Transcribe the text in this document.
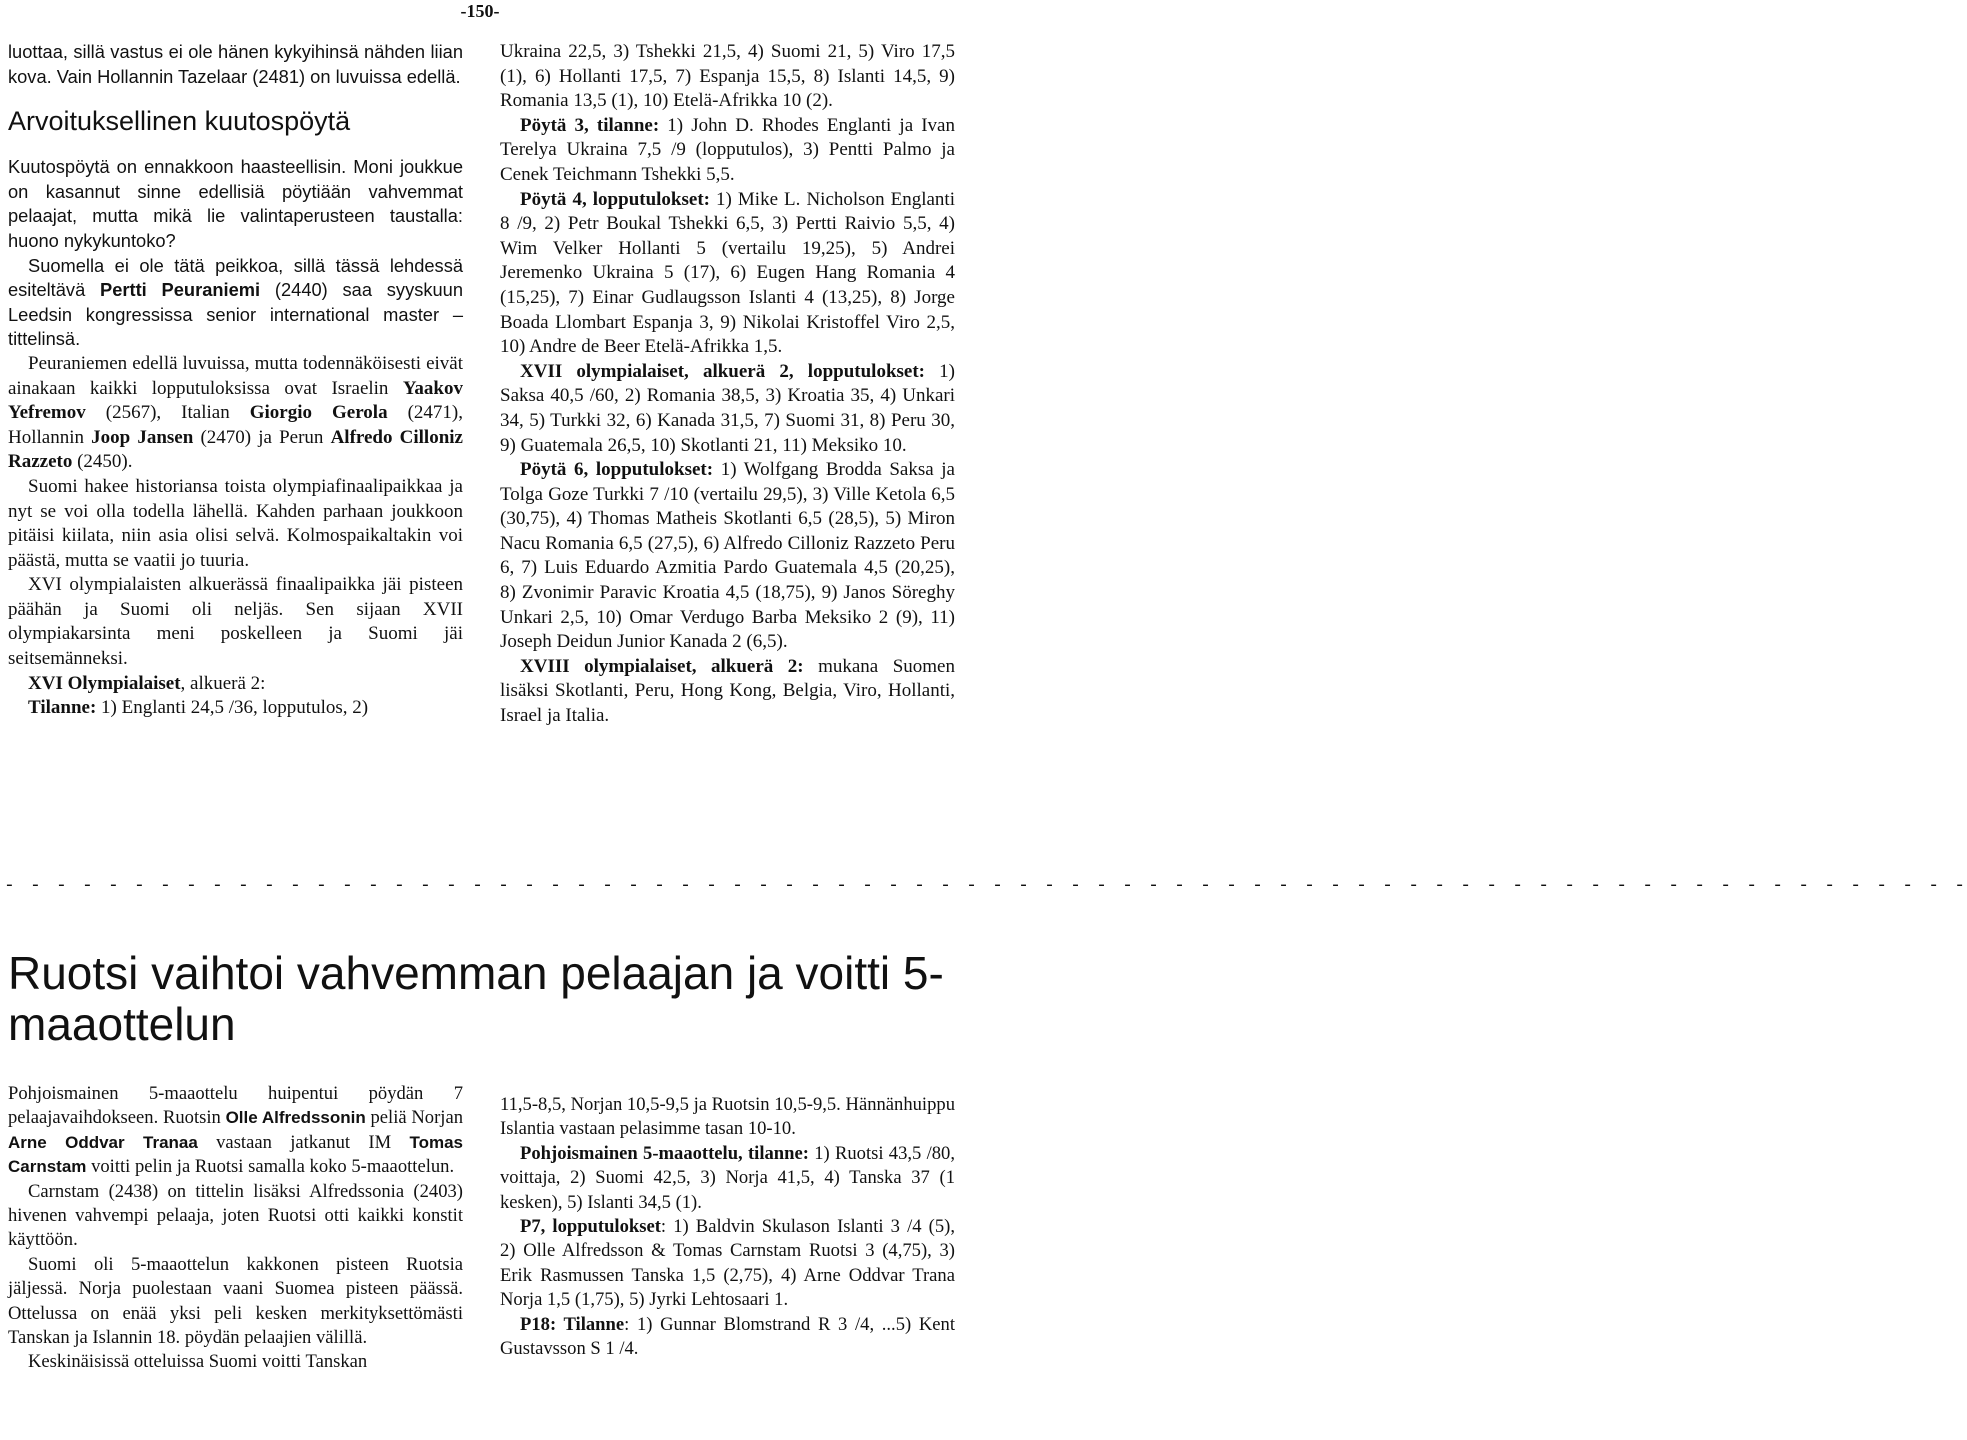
-150-

luottaa, sillä vastus ei ole hänen kykyihinsä nähden liian kova. Vain Hollannin Tazelaar (2481) on luvuissa edellä.

Arvoituksellinen kuutospöytä

Kuutospöytä on ennakkoon haasteellisin. Moni joukkue on kasannut sinne edellisiä pöytiään vahvemmat pelaajat, mutta mikä lie valintaperusteen taustalla: huono nykykuntoko?

Suomella ei ole tätä peikkoa, sillä tässä lehdessä esiteltävä Pertti Peuraniemi (2440) saa syyskuun Leedsin kongressissa senior international master –tittelinsä.

Peuraniemen edellä luvuissa, mutta todennäköisesti eivät ainakaan kaikki lopputuloksissa ovat Israelin Yaakov Yefremov (2567), Italian Giorgio Gerola (2471), Hollannin Joop Jansen (2470) ja Perun Alfredo Cilloniz Razzeto (2450).

Suomi hakee historiansa toista olympiafinaalipaikkaa ja nyt se voi olla todella lähellä. Kahden parhaan joukkoon pitäisi kiilata, niin asia olisi selvä. Kolmospaikaltakin voi päästä, mutta se vaatii jo tuuria.

XVI olympialaisten alkuerässä finaalipaikka jäi pisteen päähän ja Suomi oli neljäs. Sen sijaan XVII olympiakarsinta meni poskelleen ja Suomi jäi seitsemänneksi.

XVI Olympialaiset, alkuerä 2:

Tilanne: 1) Englanti 24,5 /36, lopputulos, 2)

Ukraina 22,5, 3) Tshekki 21,5, 4) Suomi 21, 5) Viro 17,5 (1), 6) Hollanti 17,5, 7) Espanja 15,5, 8) Islanti 14,5, 9) Romania 13,5 (1), 10) Etelä-Afrikka 10 (2).

Pöytä 3, tilanne: 1) John D. Rhodes Englanti ja Ivan Terelya Ukraina 7,5 /9 (lopputulos), 3) Pentti Palmo ja Cenek Teichmann Tshekki 5,5.

Pöytä 4, lopputulokset: 1) Mike L. Nicholson Englanti 8 /9, 2) Petr Boukal Tshekki 6,5, 3) Pertti Raivio 5,5, 4) Wim Velker Hollanti 5 (vertailu 19,25), 5) Andrei Jeremenko Ukraina 5 (17), 6) Eugen Hang Romania 4 (15,25), 7) Einar Gudlaugsson Islanti 4 (13,25), 8) Jorge Boada Llombart Espanja 3, 9) Nikolai Kristoffel Viro 2,5, 10) Andre de Beer Etelä-Afrikka 1,5.

XVII olympialaiset, alkuerä 2, lopputulokset: 1) Saksa 40,5 /60, 2) Romania 38,5, 3) Kroatia 35, 4) Unkari 34, 5) Turkki 32, 6) Kanada 31,5, 7) Suomi 31, 8) Peru 30, 9) Guatemala 26,5, 10) Skotlanti 21, 11) Meksiko 10.

Pöytä 6, lopputulokset: 1) Wolfgang Brodda Saksa ja Tolga Goze Turkki 7 /10 (vertailu 29,5), 3) Ville Ketola 6,5 (30,75), 4) Thomas Matheis Skotlanti 6,5 (28,5), 5) Miron Nacu Romania 6,5 (27,5), 6) Alfredo Cilloniz Razzeto Peru 6, 7) Luis Eduardo Azmitia Pardo Guatemala 4,5 (20,25), 8) Zvonimir Paravic Kroatia 4,5 (18,75), 9) Janos Söreghy Unkari 2,5, 10) Omar Verdugo Barba Meksiko 2 (9), 11) Joseph Deidun Junior Kanada 2 (6,5).

XVIII olympialaiset, alkuerä 2: mukana Suomen lisäksi Skotlanti, Peru, Hong Kong, Belgia, Viro, Hollanti, Israel ja Italia.

- - - - - - - - - - - - - - - - - - - - - - - - - - - - - - - - - - - - - - - - - - - - - - - - - - - - - - - - - - - - - - - - - - - - - - - - - - - -
Ruotsi vaihtoi vahvemman pelaajan ja voitti 5-maaottelun

Pohjoismainen 5-maaottelu huipentui pöydän 7 pelaajavaihdokseen. Ruotsin Olle Alfredssonin peliä Norjan Arne Oddvar Tranaa vastaan jatkanut IM Tomas Carnstam voitti pelin ja Ruotsi samalla koko 5-maaottelun.

Carnstam (2438) on tittelin lisäksi Alfredssonia (2403) hivenen vahvempi pelaaja, joten Ruotsi otti kaikki konstit käyttöön.

Suomi oli 5-maaottelun kakkonen pisteen Ruotsia jäljessä. Norja puolestaan vaani Suomea pisteen päässä. Ottelussa on enää yksi peli kesken merkityksettömästi Tanskan ja Islannin 18. pöydän pelaajien välillä.

Keskinäisissä otteluissa Suomi voitti Tanskan

11,5-8,5, Norjan 10,5-9,5 ja Ruotsin 10,5-9,5. Hännänhuippu Islantia vastaan pelasimme tasan 10-10.

Pohjoismainen 5-maaottelu, tilanne: 1) Ruotsi 43,5 /80, voittaja, 2) Suomi 42,5, 3) Norja 41,5, 4) Tanska 37 (1 kesken), 5) Islanti 34,5 (1).

P7, lopputulokset: 1) Baldvin Skulason Islanti 3 /4 (5), 2) Olle Alfredsson & Tomas Carnstam Ruotsi 3 (4,75), 3) Erik Rasmussen Tanska 1,5 (2,75), 4) Arne Oddvar Trana Norja 1,5 (1,75), 5) Jyrki Lehtosaari 1.

P18: Tilanne: 1) Gunnar Blomstrand R 3 /4, ...5) Kent Gustavsson S 1 /4.
